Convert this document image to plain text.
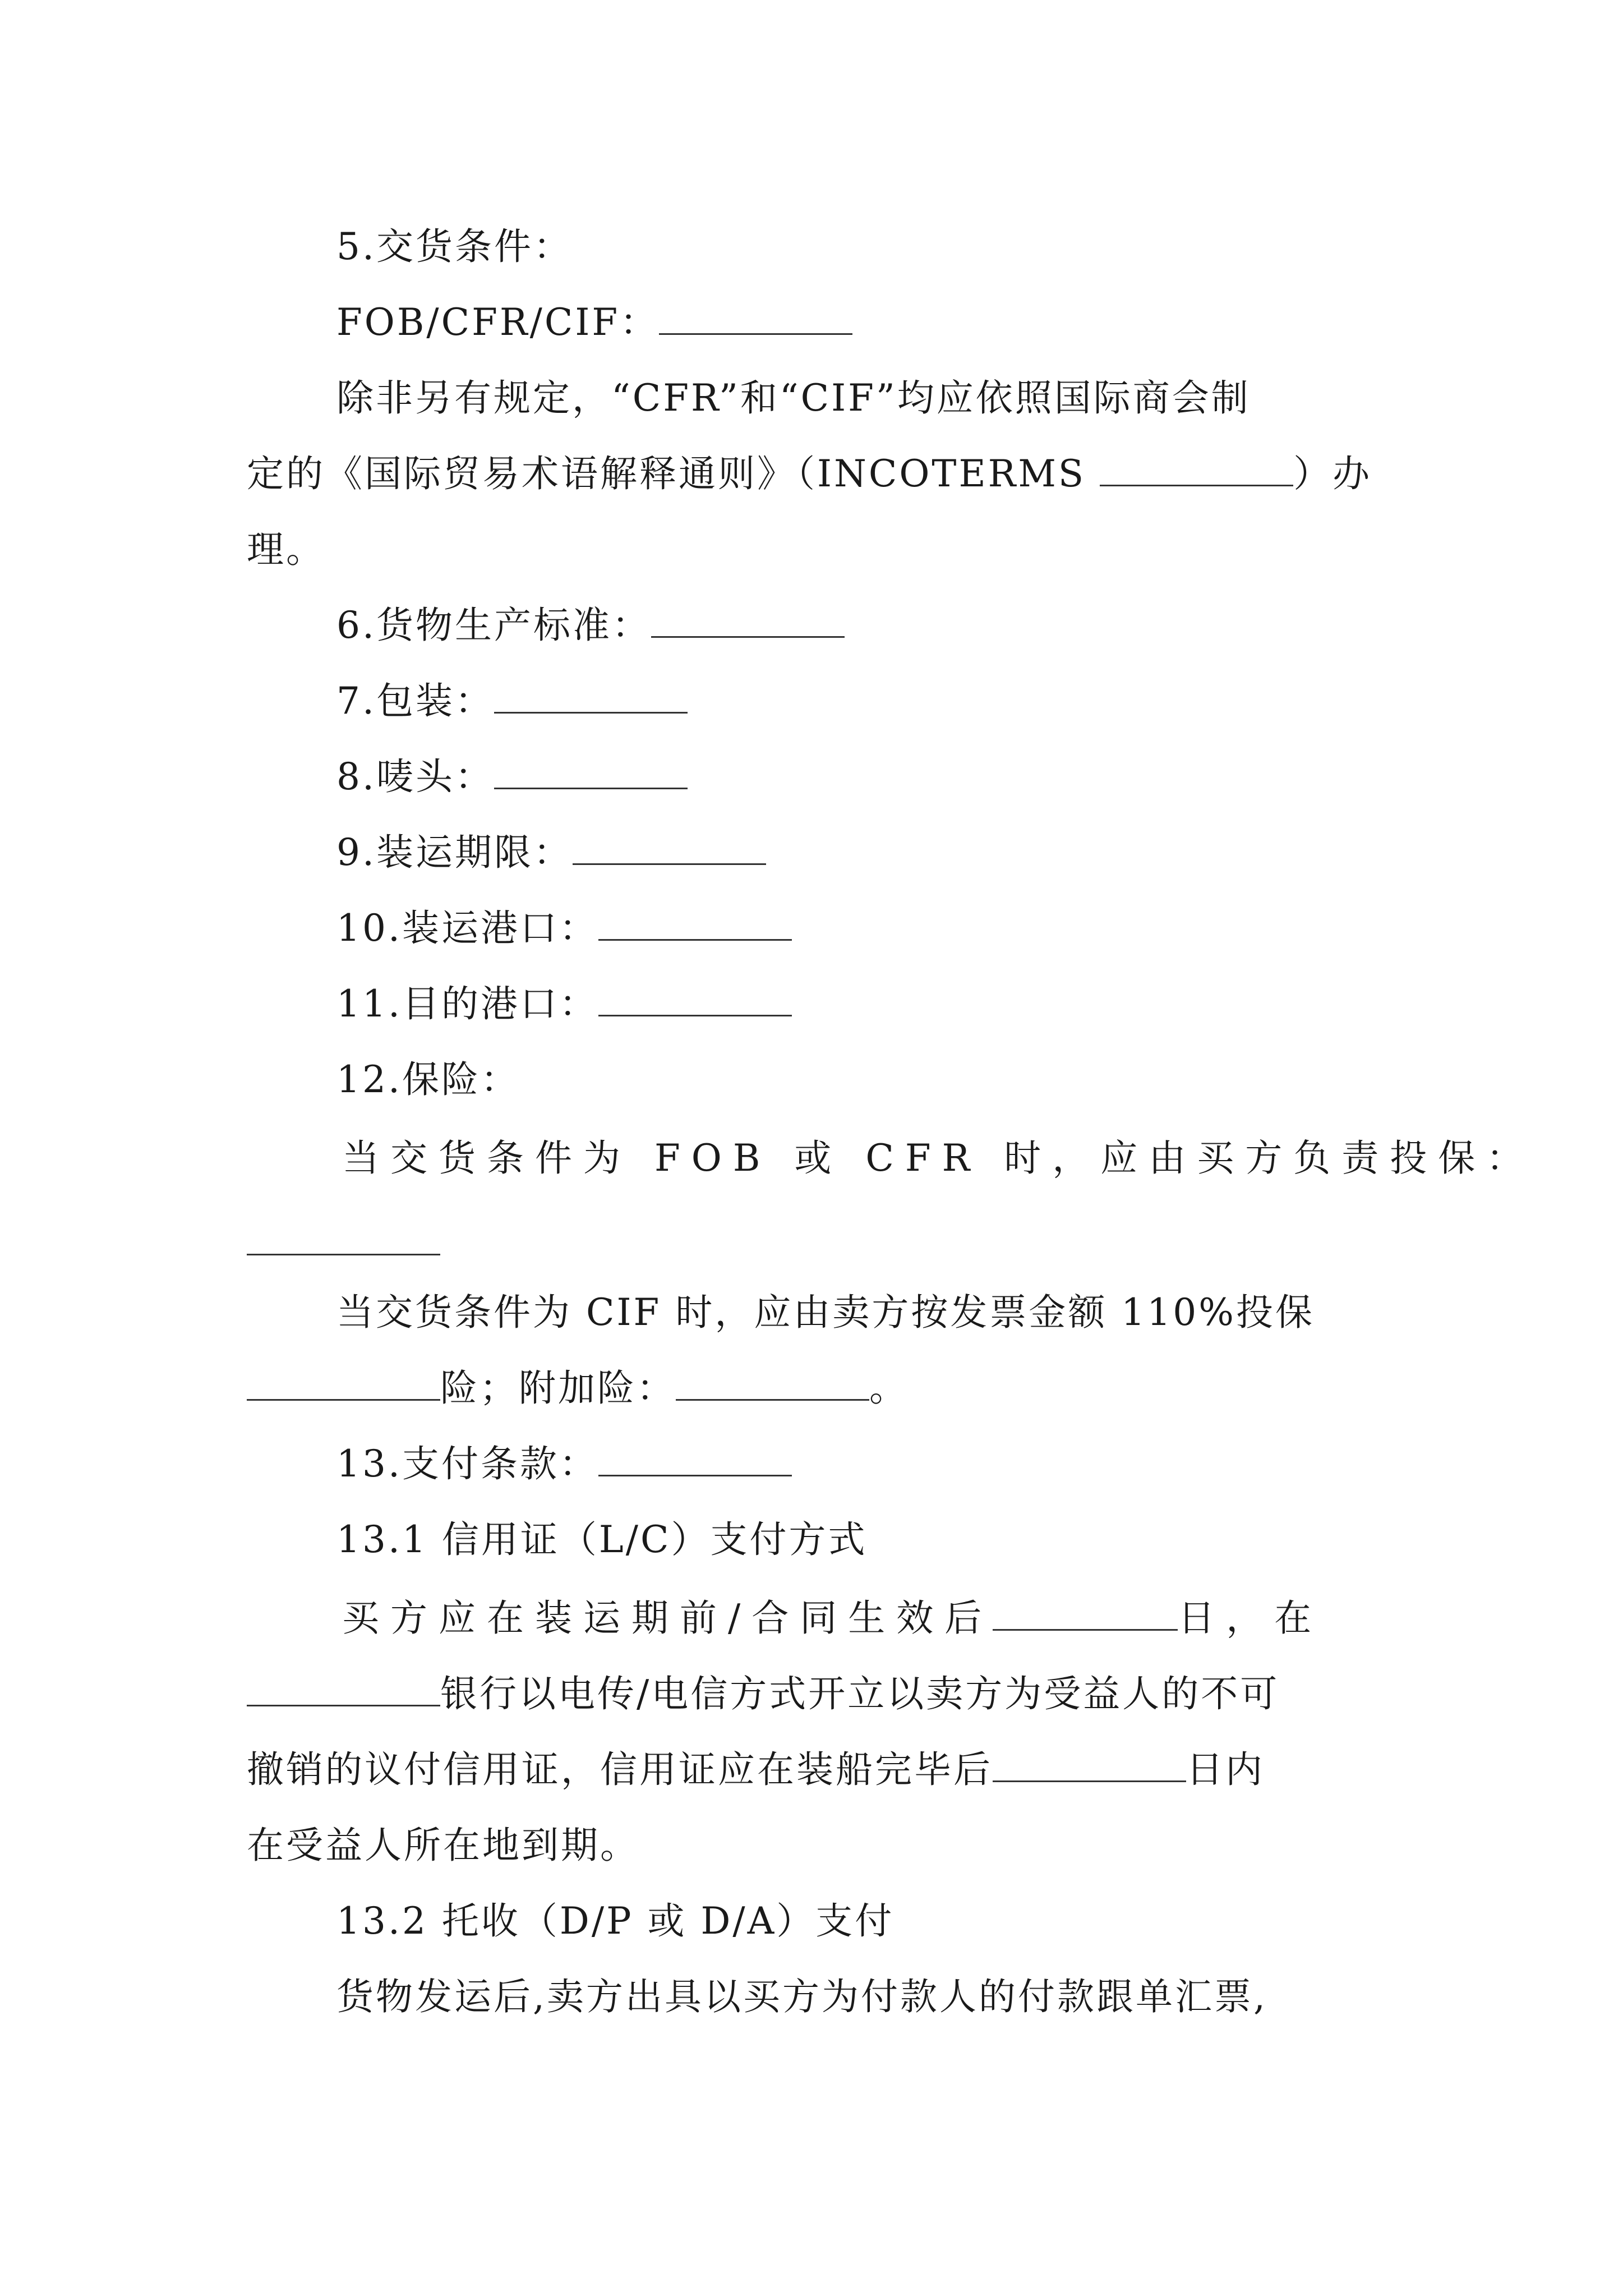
5.交货条件：
FOB/CFR/CIF：
除非另有规定，“CFR”和“CIF”均应依照国际商会制
定的《国际贸易术语解释通则》（INCOTERMS	）办
理。
6.货物生产标准：
7.包装：
8.唛头：
9.装运期限：
10.装运港口：
11.目的港口：
12.保险：
当交货条件为 FOB 或 CFR 时，应由买方负责投保：
当交货条件为 CIF 时，应由卖方按发票金额 110%投保
险；附加险：	。
13.支付条款：
13.1 信用证（L/C）支付方式
买方应在装运期前/合同生效后	日，在
银行以电传/电信方式开立以卖方为受益人的不可
撤销的议付信用证，信用证应在装船完毕后	日内
在受益人所在地到期。
13.2 托收（D/P 或 D/A）支付
货物发运后,卖方出具以买方为付款人的付款跟单汇票,
